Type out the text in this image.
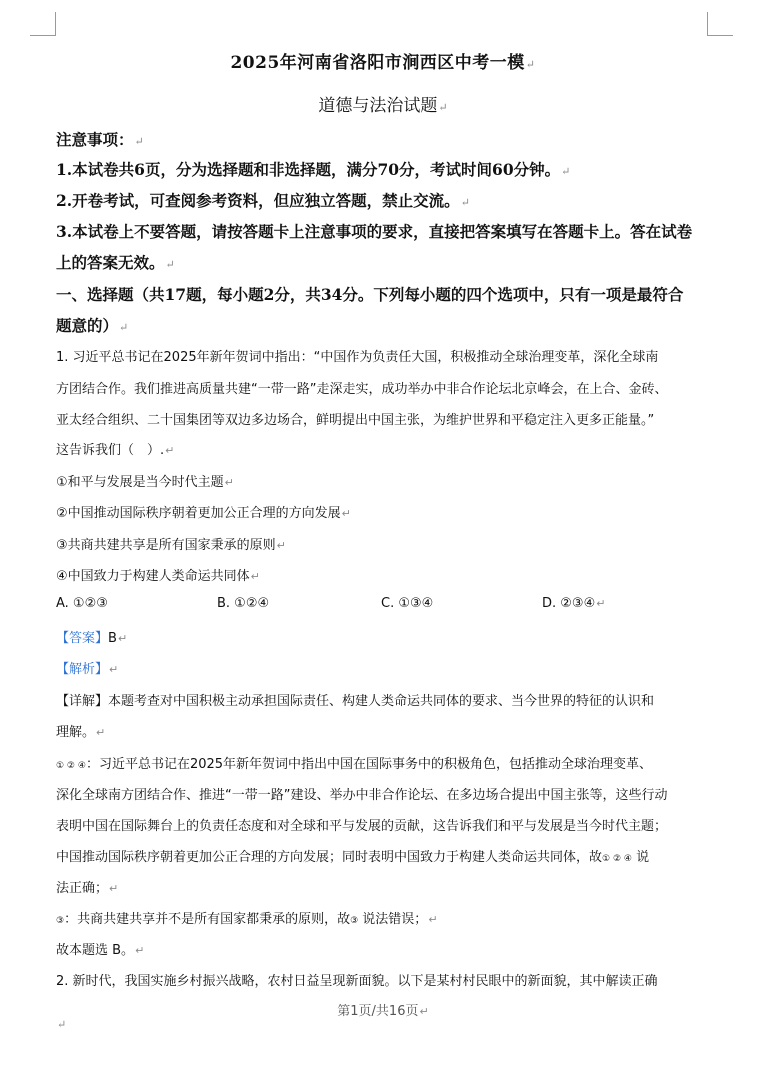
2025年河南省洛阳市涧西区中考一模↵
道德与法治试题↵
注意事项：↵
1.本试卷共6页，分为选择题和非选择题，满分70分，考试时间60分钟。↵
2.开卷考试，可查阅参考资料，但应独立答题，禁止交流。↵
3.本试卷上不要答题，请按答题卡上注意事项的要求，直接把答案填写在答题卡上。答在试卷
上的答案无效。↵
一、选择题（共17题，每小题2分，共34分。下列每小题的四个选项中，只有一项是最符合
题意的）↵
1. 习近平总书记在2025年新年贺词中指出：“中国作为负责任大国，积极推动全球治理变革，深化全球南
方团结合作。我们推进高质量共建“一带一路”走深走实，成功举办中非合作论坛北京峰会，在上合、金砖、
亚太经合组织、二十国集团等双边多边场合，鲜明提出中国主张，为维护世界和平稳定注入更多正能量。”
这告诉我们（　）.↵
①和平与发展是当今时代主题↵
②中国推动国际秩序朝着更加公正合理的方向发展↵
③共商共建共享是所有国家秉承的原则↵
④中国致力于构建人类命运共同体↵
A. ①②③	B. ①②④	C. ①③④	D. ②③④↵
【答案】B↵
【解析】↵
【详解】本题考查对中国积极主动承担国际责任、构建人类命运共同体的要求、当今世界的特征的认识和
理解。↵
① ② ④：习近平总书记在2025年新年贺词中指出中国在国际事务中的积极角色，包括推动全球治理变革、
深化全球南方团结合作、推进“一带一路”建设、举办中非合作论坛、在多边场合提出中国主张等，这些行动
表明中国在国际舞台上的负责任态度和对全球和平与发展的贡献，这告诉我们和平与发展是当今时代主题；
中国推动国际秩序朝着更加公正合理的方向发展；同时表明中国致力于构建人类命运共同体，故① ② ④ 说
法正确；↵
③：共商共建共享并不是所有国家都秉承的原则，故③ 说法错误；↵
故本题选 B。↵
2. 新时代，我国实施乡村振兴战略，农村日益呈现新面貌。以下是某村村民眼中的新面貌，其中解读正确
第1页/共16页↵
↵
